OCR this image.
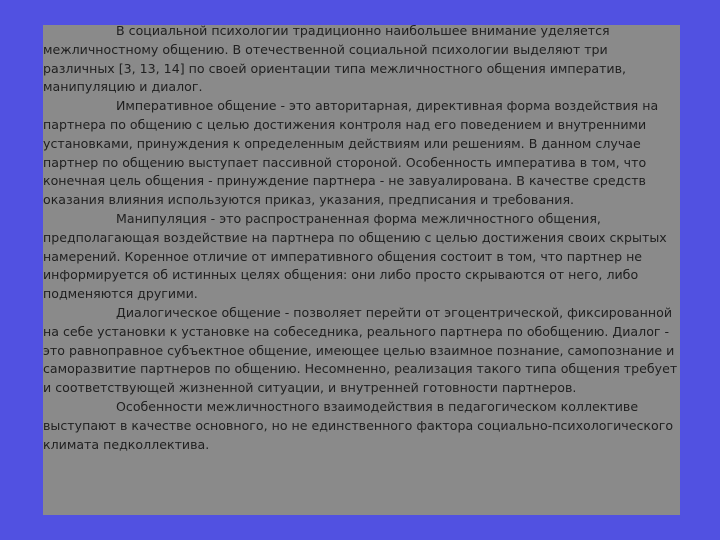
В социальной психологии традиционно наибольшее внимание уделяется межличностному общению. В отечественной социальной психологии выделяют три различных [3, 13, 14] по своей ориентации типа межличностного общения императив, манипуляцию и диалог.

Императивное общение - это авторитарная, директивная форма воздействия на партнера по общению с целью достижения контроля над его поведением и внутренними установками, принуждения к определенным действиям или решениям. В данном случае партнер по общению выступает пассивной стороной. Особенность императива в том, что конечная цель общения - принуждение партнера - не завуалирована. В качестве средств оказания влияния используются приказ, указания, предписания и требования.

Манипуляция - это распространенная форма межличностного общения, предполагающая воздействие на партнера по общению с целью достижения своих скрытых намерений. Коренное отличие от императивного общения состоит в том, что партнер не информируется об истинных целях общения: они либо просто скрываются от него, либо подменяются другими.

Диалогическое общение - позволяет перейти от эгоцентрической, фиксированной на себе установки к установке на собеседника, реального партнера по обобщению. Диалог - это равноправное субъектное общение, имеющее целью взаимное познание, самопознание и саморазвитие партнеров по общению. Несомненно, реализация такого типа общения требует и соответствующей жизненной ситуации, и внутренней готовности партнеров.

Особенности межличностного взаимодействия в педагогическом коллективе выступают в качестве основного, но не единственного фактора социально-психологического климата педколлектива.
